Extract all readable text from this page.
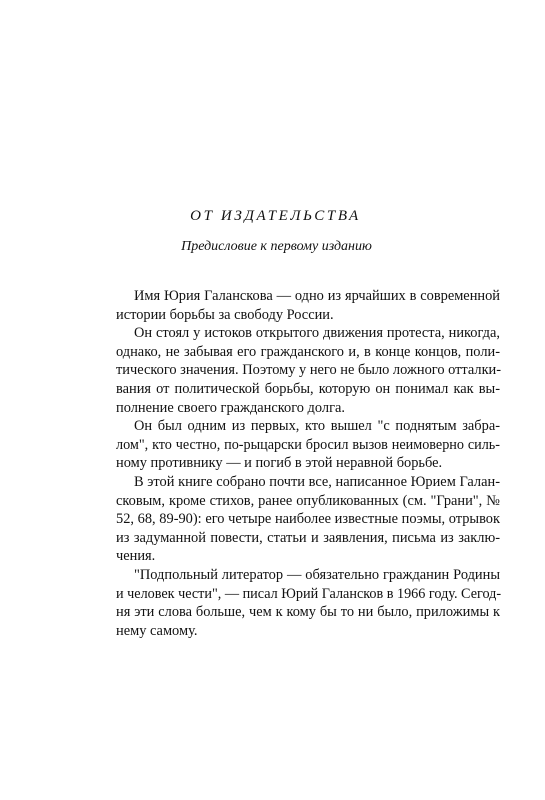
ОТ ИЗДАТЕЛЬСТВА
Предисловие к первому изданию

Имя Юрия Галанскова — одно из ярчайших в современной
истории борьбы за свободу России.

Он стоял у истоков открытого движения протеста, никогда,
однако, не забывая его гражданского и, в конце концов, поли-
тического значения. Поэтому у него не было ложного отталки-
вания от политической борьбы, которую он понимал как вы-
полнение своего гражданского долга.

Он был одним из первых, кто вышел "с поднятым забра-
лом", кто честно, по-рыцарски бросил вызов неимоверно силь-
ному противнику — и погиб в этой неравной борьбе.

В этой книге собрано почти все, написанное Юрием Галан-
сковым, кроме стихов, ранее опубликованных (см. "Грани", №
52, 68, 89-90): его четыре наиболее известные поэмы, отрывок
из задуманной повести, статьи и заявления, письма из заклю-
чения.

"Подпольный литератор — обязательно гражданин Родины
и человек чести", — писал Юрий Галансков в 1966 году. Сегод-
ня эти слова больше, чем к кому бы то ни было, приложимы к
нему самому.
